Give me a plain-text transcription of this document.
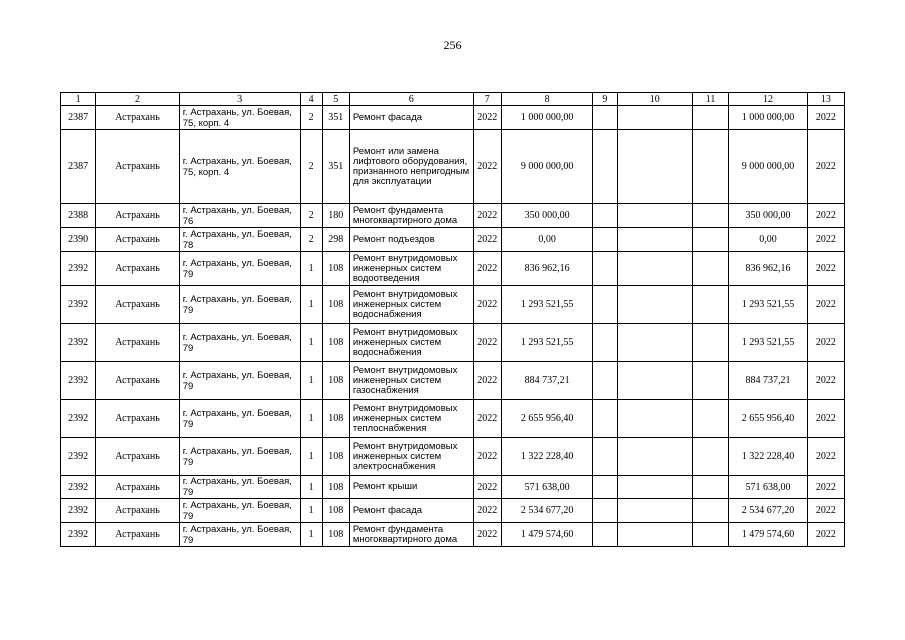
256
1	2	3	4	5	6	7	8	9	10	11	12	13
2387	Астрахань	г. Астрахань, ул. Боевая, 75, корп. 4	2	351	Ремонт фасада	2022	1 000 000,00				1 000 000,00	2022
2387	Астрахань	г. Астрахань, ул. Боевая, 75, корп. 4	2	351	Ремонт или замена лифтового оборудования, признанного непригодным для эксплуатации	2022	9 000 000,00				9 000 000,00	2022
2388	Астрахань	г. Астрахань, ул. Боевая, 76	2	180	Ремонт фундамента многоквартирного дома	2022	350 000,00				350 000,00	2022
2390	Астрахань	г. Астрахань, ул. Боевая, 78	2	298	Ремонт подъездов	2022	0,00				0,00	2022
2392	Астрахань	г. Астрахань, ул. Боевая, 79	1	108	Ремонт внутридомовых инженерных систем водоотведения	2022	836 962,16				836 962,16	2022
2392	Астрахань	г. Астрахань, ул. Боевая, 79	1	108	Ремонт внутридомовых инженерных систем водоснабжения	2022	1 293 521,55				1 293 521,55	2022
2392	Астрахань	г. Астрахань, ул. Боевая, 79	1	108	Ремонт внутридомовых инженерных систем водоснабжения	2022	1 293 521,55				1 293 521,55	2022
2392	Астрахань	г. Астрахань, ул. Боевая, 79	1	108	Ремонт внутридомовых инженерных систем газоснабжения	2022	884 737,21				884 737,21	2022
2392	Астрахань	г. Астрахань, ул. Боевая, 79	1	108	Ремонт внутридомовых инженерных систем теплоснабжения	2022	2 655 956,40				2 655 956,40	2022
2392	Астрахань	г. Астрахань, ул. Боевая, 79	1	108	Ремонт внутридомовых инженерных систем электроснабжения	2022	1 322 228,40				1 322 228,40	2022
2392	Астрахань	г. Астрахань, ул. Боевая, 79	1	108	Ремонт крыши	2022	571 638,00				571 638,00	2022
2392	Астрахань	г. Астрахань, ул. Боевая, 79	1	108	Ремонт фасада	2022	2 534 677,20				2 534 677,20	2022
2392	Астрахань	г. Астрахань, ул. Боевая, 79	1	108	Ремонт фундамента многоквартирного дома	2022	1 479 574,60				1 479 574,60	2022
